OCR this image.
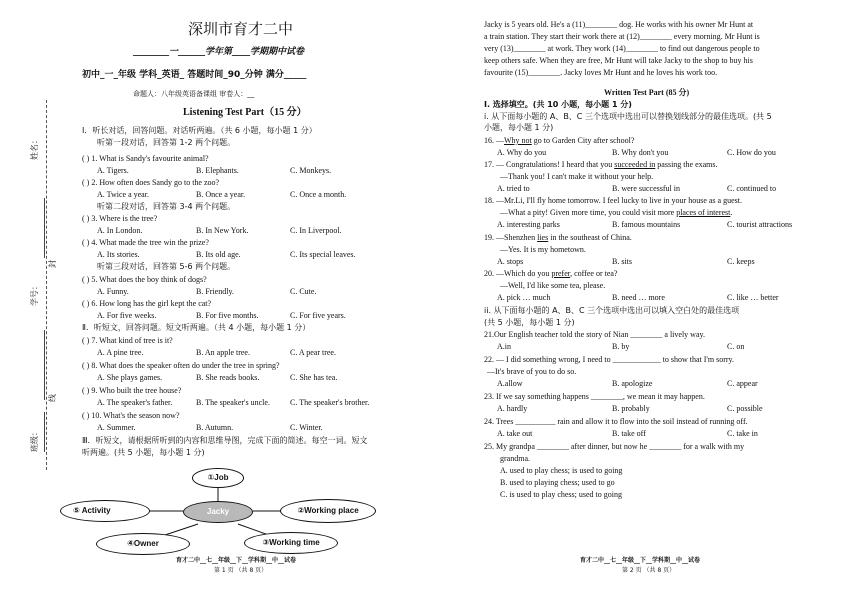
姓名：
封
学号：
线
班级：
深圳市育才二中
________一______学年第____学期期中试卷
初中_一_年级 学科_英语_ 答题时间_90_分钟 满分_____
命题人：八年级英语备课组 审卷人：__
Listening Test Part（15 分）
Ⅰ．听长对话，回答问题。对话听两遍。（共 6 小题，每小题 1 分）
听第一段对话，回答第 1-2 两个问题。
( ) 1. What is Sandy's favourite animal?
A. Tigers.	B. Elephants.	C. Monkeys.
( ) 2. How often does Sandy go to the zoo?
A. Twice a year.	B. Once a year.	C. Once a month.
听第二段对话，回答第 3-4 两个问题。
( ) 3. Where is the tree?
A. In London.	B. In New York.	C. In Liverpool.
( ) 4. What made the tree win the prize?
A. Its stories.	B. Its old age.	C. Its special leaves.
听第三段对话，回答第 5-6 两个问题。
( ) 5. What does the boy think of dogs?
A. Funny.	B. Friendly.	C. Cute.
( ) 6. How long has the girl kept the cat?
A. For five weeks.	B. For five months.	C. For five years.
Ⅱ．听短文，回答问题。短文听两遍。（共 4 小题，每小题 1 分）
( ) 7. What kind of tree is it?
A. A pine tree.	B. An apple tree.	C. A pear tree.
( ) 8. What does the speaker often do under the tree in spring?
A. She plays games.	B. She reads books.	C. She has tea.
( ) 9. Who built the tree house?
A. The speaker's father.	B. The speaker's uncle.	C. The speaker's brother.
( ) 10. What's the season now?
A. Summer.	B. Autumn.	C. Winter.
Ⅲ．听短文，请根据所听到的内容和思维导图，完成下面的简述。每空一词。短文
听两遍。(共 5 小题，每小题 1 分)
①Job
Jacky
⑤ Activity	②Working place
④Owner	③Working time
育才二中__七__年级__下__学科期__中__试卷
第 1 页 （共 8 页）
Jacky is 5 years old. He's a (11)________ dog. He works with his owner Mr Hunt at
a train station. They start their work there at (12)________ every morning. Mr Hunt is
very (13)________ at work. They work (14)________ to find out dangerous people to
keep others safe. When they are free, Mr Hunt will take Jacky to the shop to buy his
favourite (15)________. Jacky loves Mr Hunt and he loves his work too.
Written Test Part (85 分)
Ⅰ. 选择填空。(共 10 小题，每小题 1 分)
i. 从下面每小题的 A、B、C 三个选项中选出可以替换划线部分的最佳选项。(共 5
小题，每小题 1 分)
16. —Why not go to Garden City after school?
A. Why do you	B. Why don't you	C. How do you
17. — Congratulations! I heard that you succeeded in passing the exams.
—Thank you! I can't make it without your help.
A. tried to	B. were successful in	C. continued to
18. —Mr.Li, I'll fly home tomorrow. I feel lucky to live in your house as a guest.
—What a pity! Given more time, you could visit more places of interest.
A. interesting parks	B. famous mountains	C. tourist attractions
19. —Shenzhen lies in the southeast of China.
—Yes. It is my hometown.
A. stops	B. sits	C. keeps
20. —Which do you prefer, coffee or tea?
—Well, I'd like some tea, please.
A. pick … much	B. need … more	C. like … better
ii. 从下面每小题的 A、B、C 三个选项中选出可以填入空白处的最佳选项
(共 5 小题，每小题 1 分)
21.Our English teacher told the story of Nian ________ a lively way.
A.in	B. by	C. on
22. — I did something wrong, I need to ____________ to show that I'm sorry.
—It's brave of you to do so.
A.allow	B. apologize	C. appear
23. If we say something happens ________, we mean it may happen.
A. hardly	B. probably	C. possible
24. Trees __________ rain and allow it to flow into the soil instead of running off.
A. take out	B. take off	C. take in
25. My grandpa ________ after dinner, but now he ________ for a walk with my
grandma.
A. used to play chess; is used to going
B. used to playing chess; used to go
C. is used to play chess; used to going
育才二中__七__年级__下__学科期__中__试卷
第 2 页 （共 8 页）
